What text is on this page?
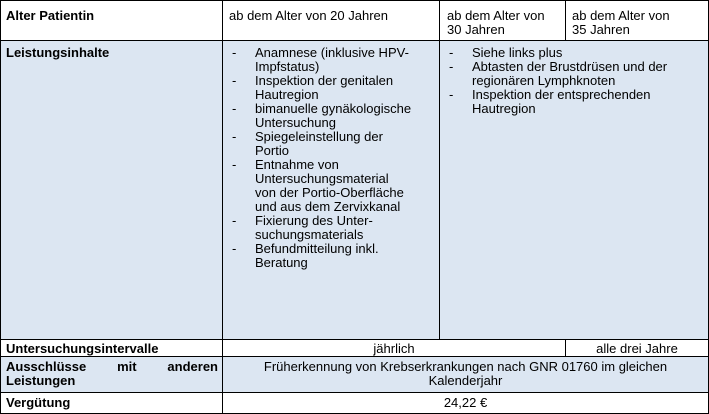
Alter Patientin	ab dem Alter von 20 Jahren	ab dem Alter von
30 Jahren
ab dem Alter von
35 Jahren
Leistungsinhalte
-	Anamnese (inklusive HPV-
Impfstatus)
- Inspektion der genitalen
Hautregion
- bimanuelle gynäkologische
Untersuchung
- Spiegeleinstellung der
Portio
- Entnahme von
Untersuchungsmaterial
von der Portio-Oberfläche
und aus dem Zervixkanal
- Fixierung des Unter-
suchungsmaterials
- Befundmitteilung inkl.
Beratung
- Siehe links plus
- Abtasten der Brustdrüsen und der
regionären Lymphknoten
- Inspektion der entsprechenden
Hautregion
Untersuchungsintervalle	jährlich	alle drei Jahre
Ausschlüsse mit anderen
Leistungen
Früherkennung von Krebserkrankungen nach GNR 01760 im gleichen
Kalenderjahr
Vergütung	24,22 €
